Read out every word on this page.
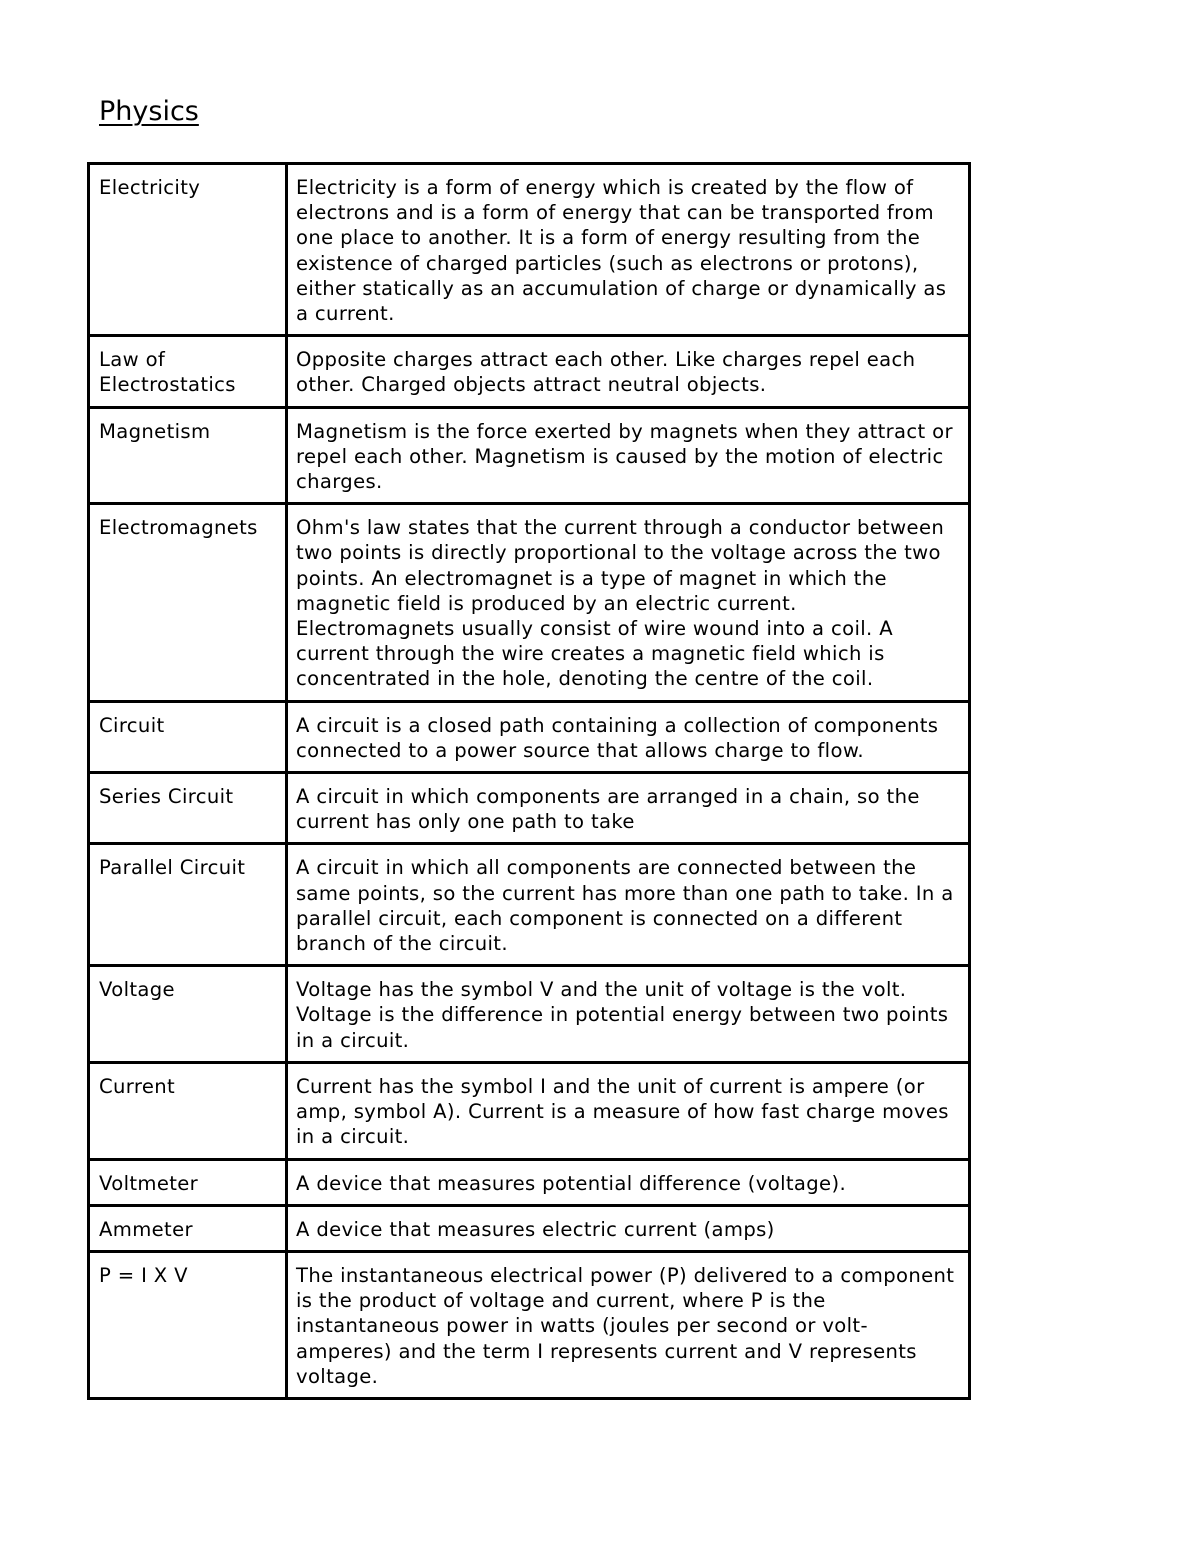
Physics
Electricity	Electricity is a form of energy which is created by the flow of electrons and is a form of energy that can be transported from one place to another. It is a form of energy resulting from the existence of charged particles (such as electrons or protons), either statically as an accumulation of charge or dynamically as a current.
Law of Electrostatics	Opposite charges attract each other. Like charges repel each other. Charged objects attract neutral objects.
Magnetism	Magnetism is the force exerted by magnets when they attract or repel each other. Magnetism is caused by the motion of electric charges.
Electromagnets	Ohm's law states that the current through a conductor between two points is directly proportional to the voltage across the two points. An electromagnet is a type of magnet in which the magnetic field is produced by an electric current. Electromagnets usually consist of wire wound into a coil. A current through the wire creates a magnetic field which is concentrated in the hole, denoting the centre of the coil.
Circuit	A circuit is a closed path containing a collection of components connected to a power source that allows charge to flow.
Series Circuit	A circuit in which components are arranged in a chain, so the current has only one path to take
Parallel Circuit	A circuit in which all components are connected between the same points, so the current has more than one path to take. In a parallel circuit, each component is connected on a different branch of the circuit.
Voltage	Voltage has the symbol V and the unit of voltage is the volt. Voltage is the difference in potential energy between two points in a circuit.
Current	Current has the symbol I and the unit of current is ampere (or amp, symbol A). Current is a measure of how fast charge moves in a circuit.
Voltmeter	A device that measures potential difference (voltage).
Ammeter	A device that measures electric current (amps)
P = I X V	The instantaneous electrical power (P) delivered to a component is the product of voltage and current, where P is the instantaneous power in watts (joules per second or volt-amperes) and the term I represents current and V represents voltage.
